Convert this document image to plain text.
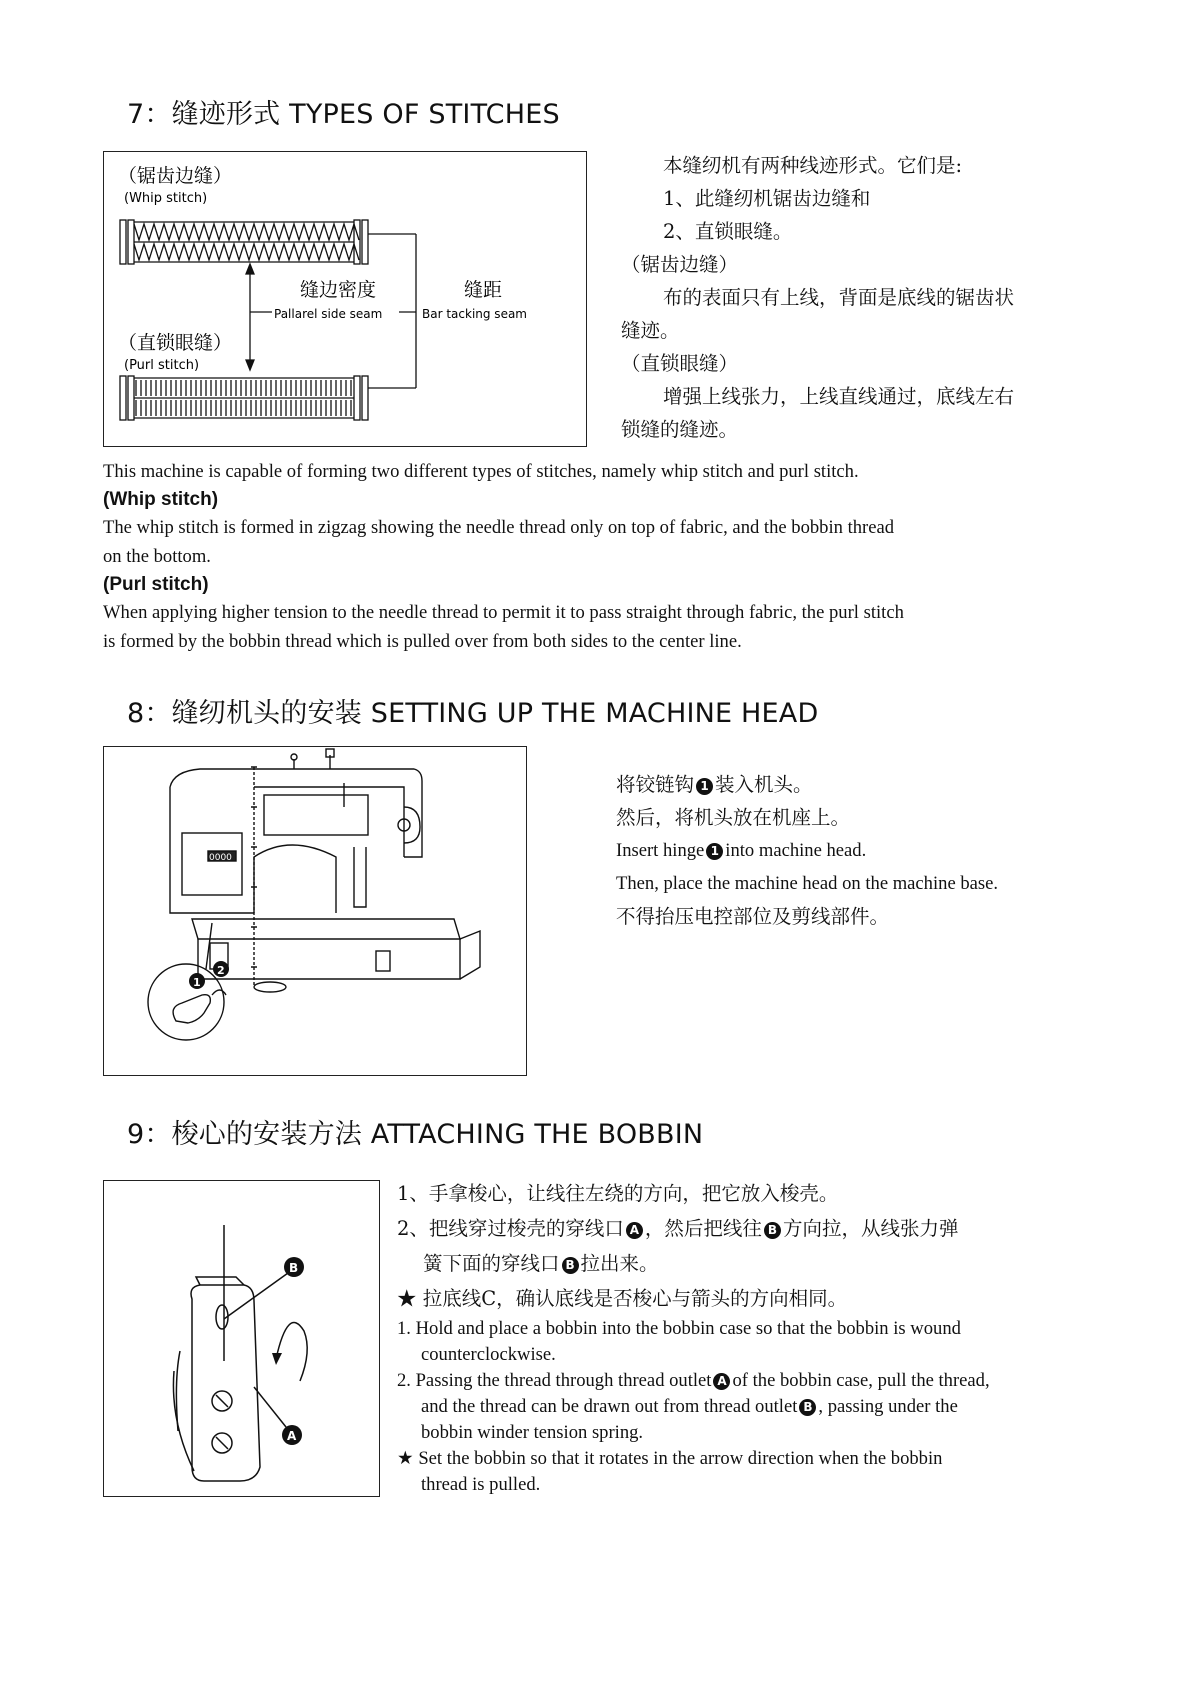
7：缝迹形式 TYPES OF STITCHES
（锯齿边缝）
(Whip stitch)
缝边密度
Pallarel side seam
缝距
Bar tacking seam
（直锁眼缝）
(Purl stitch)
本缝纫机有两种线迹形式。它们是:
1、此缝纫机锯齿边缝和
2、直锁眼缝。
（锯齿边缝）
布的表面只有上线，背面是底线的锯齿状
缝迹。
（直锁眼缝）
增强上线张力，上线直线通过，底线左右
锁缝的缝迹。
This machine is capable of forming two different types of stitches, namely whip stitch and purl stitch.
(Whip stitch)
The whip stitch is formed in zigzag showing the needle thread only on top of fabric, and the bobbin thread
on the bottom.
(Purl stitch)
When applying higher tension to the needle thread to permit it to pass straight through fabric, the purl stitch
is formed by the bobbin thread which is pulled over from both sides to the center line.
8：缝纫机头的安装 SETTING UP THE MACHINE HEAD
0000
1
2
将铰链钩 1 装入机头。
然后，将机头放在机座上。
Insert hinge 1 into machine head.
Then, place the machine head on the machine base.
不得抬压电控部位及剪线部件。
9：梭心的安装方法 ATTACHING THE BOBBIN
B
A
1、手拿梭心，让线往左绕的方向，把它放入梭壳。
2、把线穿过梭壳的穿线口 A ，然后把线往 B 方向拉，从线张力弹
簧下面的穿线口 B 拉出来。
★ 拉底线C，确认底线是否梭心与箭头的方向相同。
1. Hold and place a bobbin into the bobbin case so that the bobbin is wound
counterclockwise.
2. Passing the thread through thread outlet A of the bobbin case, pull the thread,
and the thread can be drawn out from thread outlet B , passing under the
bobbin winder tension spring.
★ Set the bobbin so that it rotates in the arrow direction when the bobbin
thread is pulled.
